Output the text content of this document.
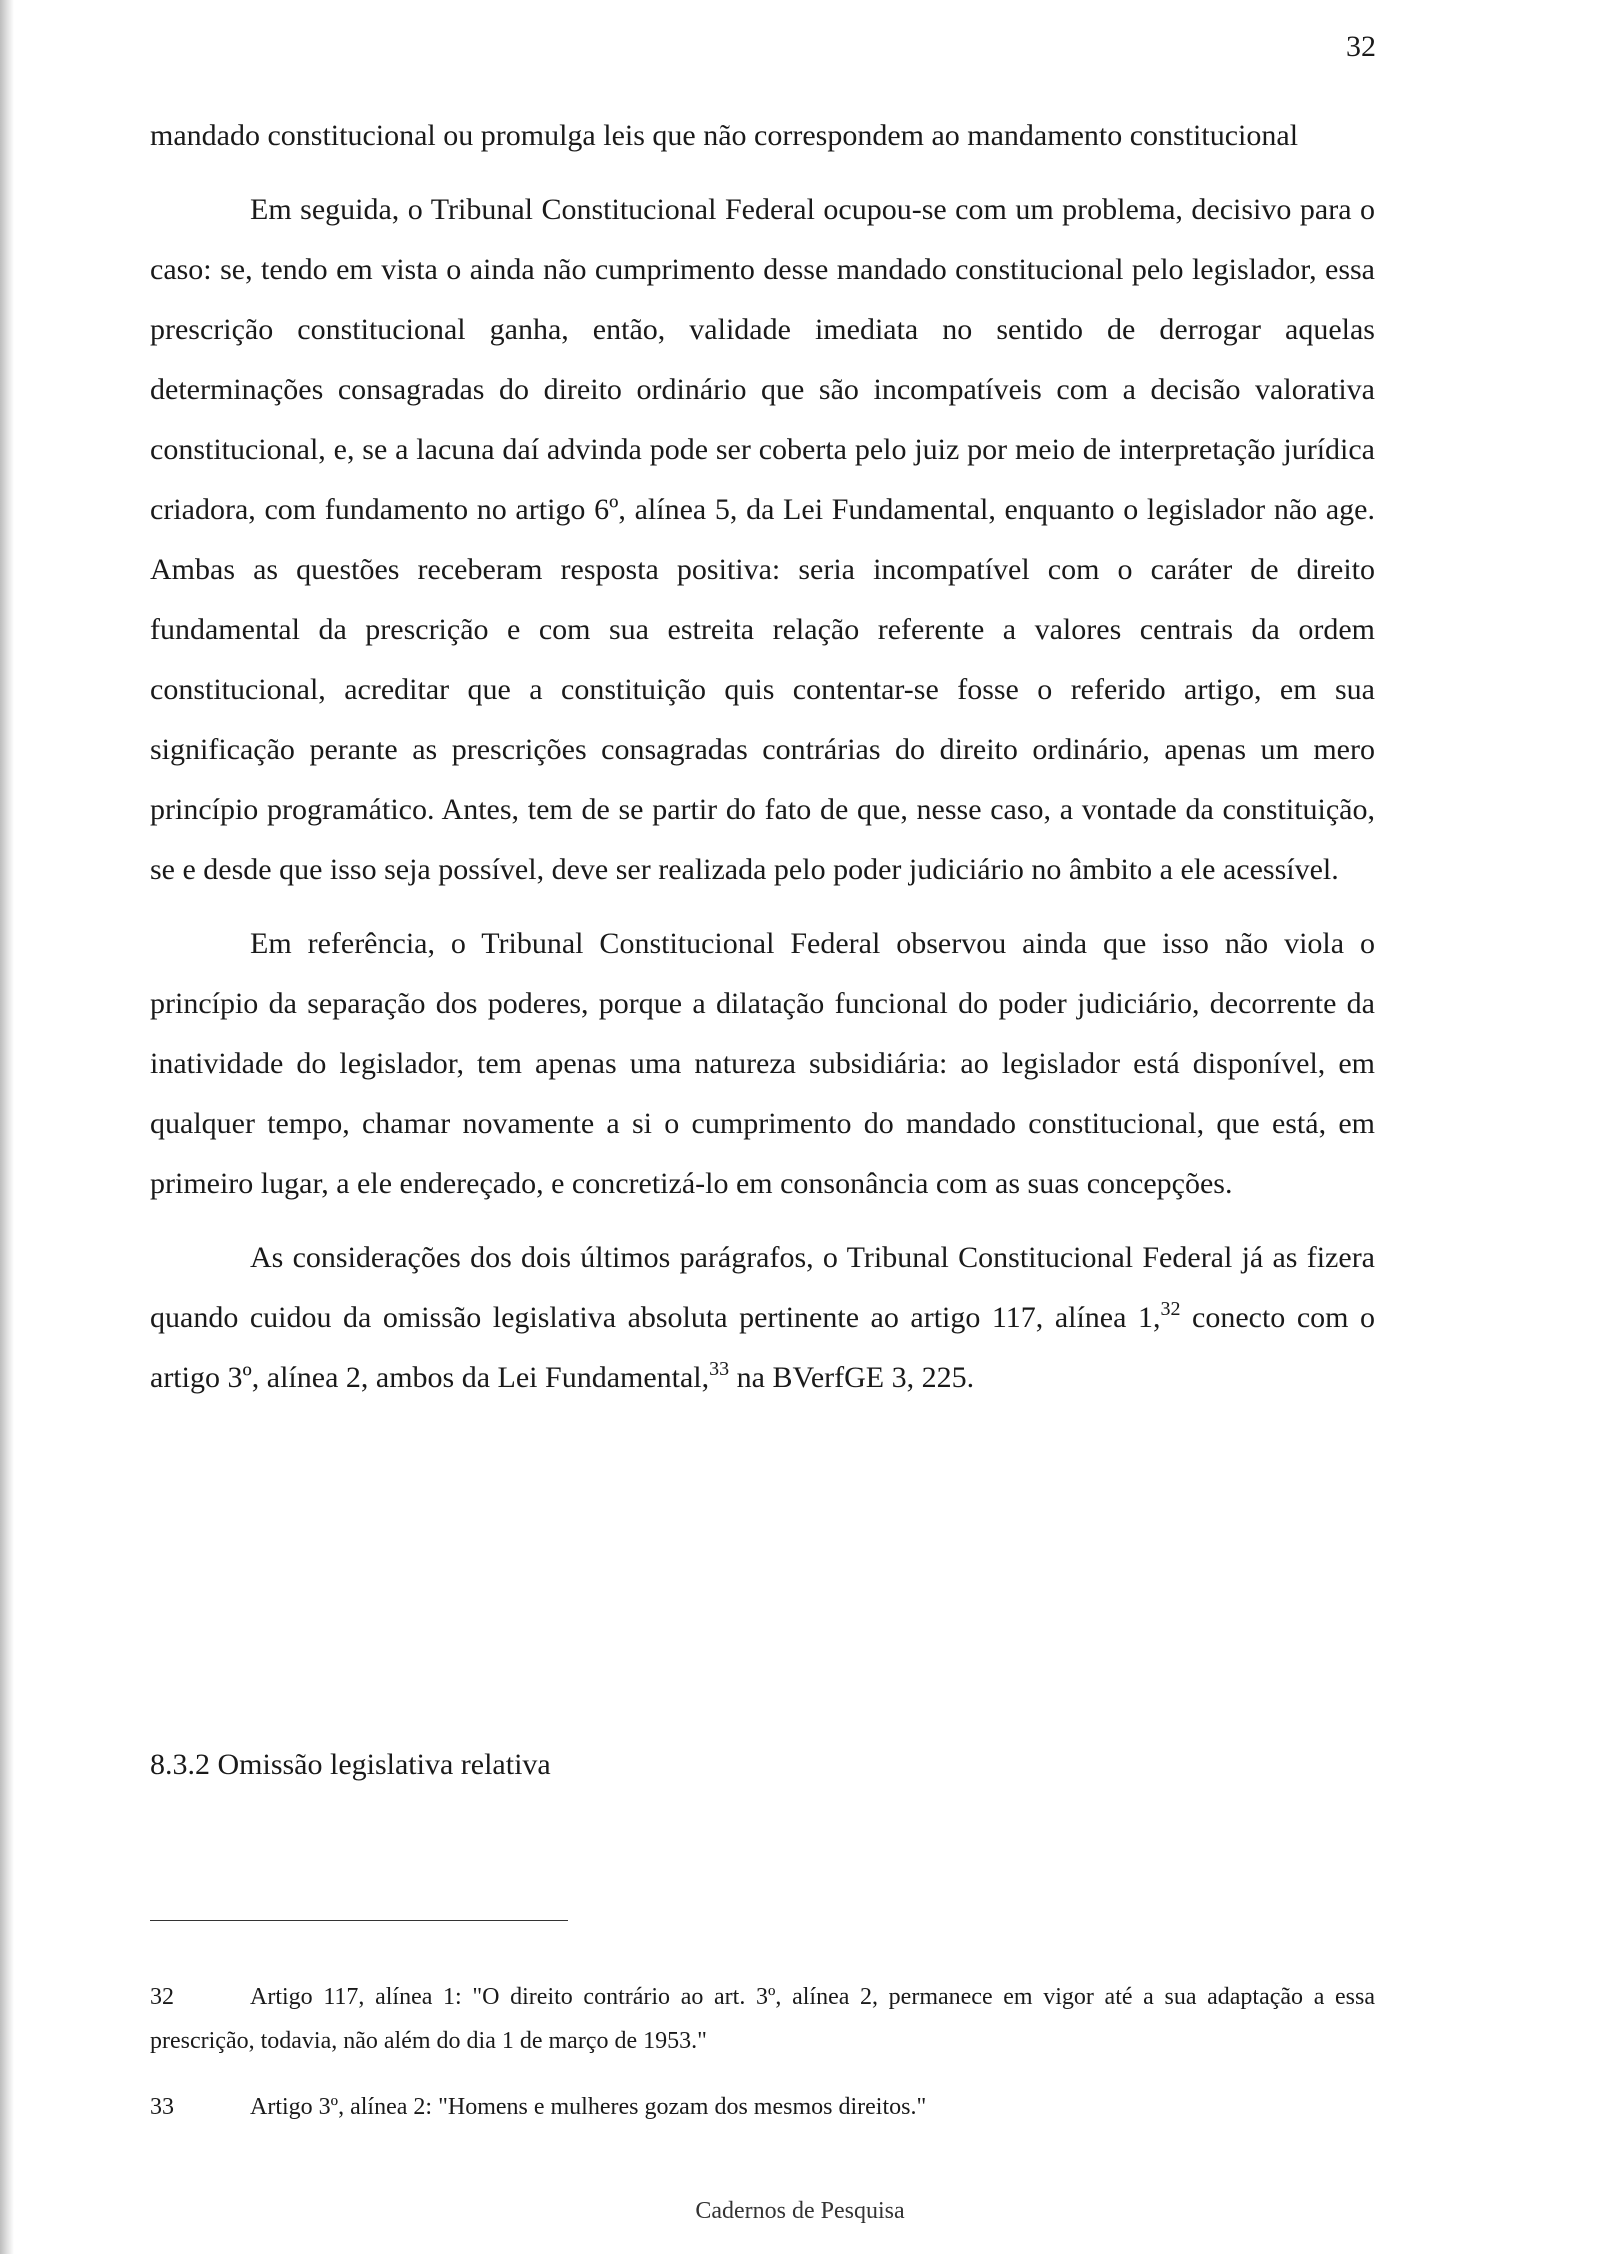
32

mandado constitucional ou promulga leis que não correspondem ao mandamento constitucional

Em seguida, o Tribunal Constitucional Federal ocupou-se com um problema, decisivo para o caso: se, tendo em vista o ainda não cumprimento desse mandado constitucional pelo legislador, essa prescrição constitucional ganha, então, validade imediata no sentido de derrogar aquelas determinações consagradas do direito ordinário que são incompatíveis com a decisão valorativa constitucional, e, se a lacuna daí advinda pode ser coberta pelo juiz por meio de interpretação jurídica criadora, com fundamento no artigo 6º, alínea 5, da Lei Fundamental, enquanto o legislador não age. Ambas as questões receberam resposta positiva: seria incompatível com o caráter de direito fundamental da prescrição e com sua estreita relação referente a valores centrais da ordem constitucional, acreditar que a constituição quis contentar-se fosse o referido artigo, em sua significação perante as prescrições consagradas contrárias do direito ordinário, apenas um mero princípio programático. Antes, tem de se partir do fato de que, nesse caso, a vontade da constituição, se e desde que isso seja possível, deve ser realizada pelo poder judiciário no âmbito a ele acessível.

Em referência, o Tribunal Constitucional Federal observou ainda que isso não viola o princípio da separação dos poderes, porque a dilatação funcional do poder judiciário, decorrente da inatividade do legislador, tem apenas uma natureza subsidiária: ao legislador está disponível, em qualquer tempo, chamar novamente a si o cumprimento do mandado constitucional, que está, em primeiro lugar, a ele endereçado, e concretizá-lo em consonância com as suas concepções.

As considerações dos dois últimos parágrafos, o Tribunal Constitucional Federal já as fizera quando cuidou da omissão legislativa absoluta pertinente ao artigo 117, alínea 1,32 conecto com o artigo 3º, alínea 2, ambos da Lei Fundamental,$^{33}$ na BVerfGE 3, 225.

8.3.2 Omissão legislativa relativa

32	Artigo 117, alínea 1: "O direito contrário ao art. 3º, alínea 2, permanece em vigor até a sua adaptação a essa prescrição, todavia, não além do dia 1 de março de 1953."

33	Artigo 3º, alínea 2: "Homens e mulheres gozam dos mesmos direitos."

Cadernos de Pesquisa
